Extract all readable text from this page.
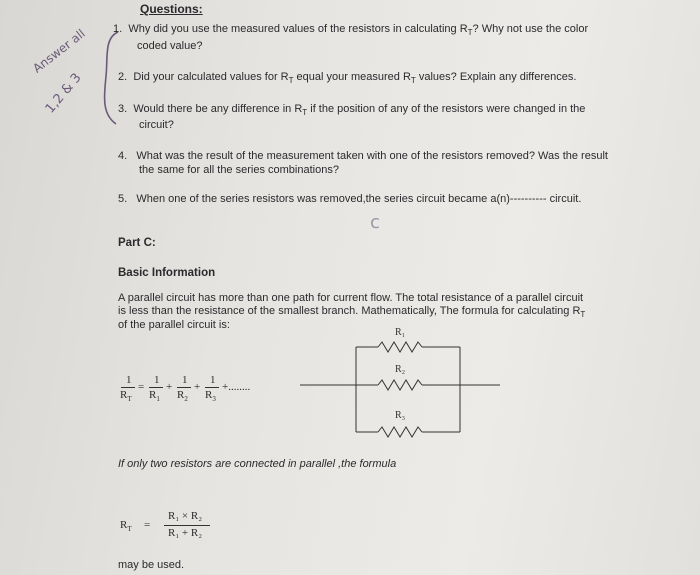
Questions:
Answer all
1,2 & 3
1. Why did you use the measured values of the resistors in calculating $R_T$? Why not use the color
coded value?
2. Did your calculated values for $R_T$ equal your measured $R_T$ values? Explain any differences.
3. Would there be any difference in $R_T$ if the position of any of the resistors were changed in the
circuit?
4. What was the result of the measurement taken with one of the resistors removed? Was the result
the same for all the series combinations?
5. When one of the series resistors was removed,the series circuit became a(n)---------- circuit.
c
Part C:
Basic Information
A parallel circuit has more than one path for current flow. The total resistance of a parallel circuit
is less than the resistance of the smallest branch. Mathematically, The formula for calculating $R_T$
of the parallel circuit is:
1
$R_T$
=
1
$R_1$
+
1
$R_2$
+
1
$R_3$
+........
R₁
R₂
R₃
If only two resistors are connected in parallel ,the formula
$R_T$ =
R₁ × R₂
R₁ + R₂
may be used.
